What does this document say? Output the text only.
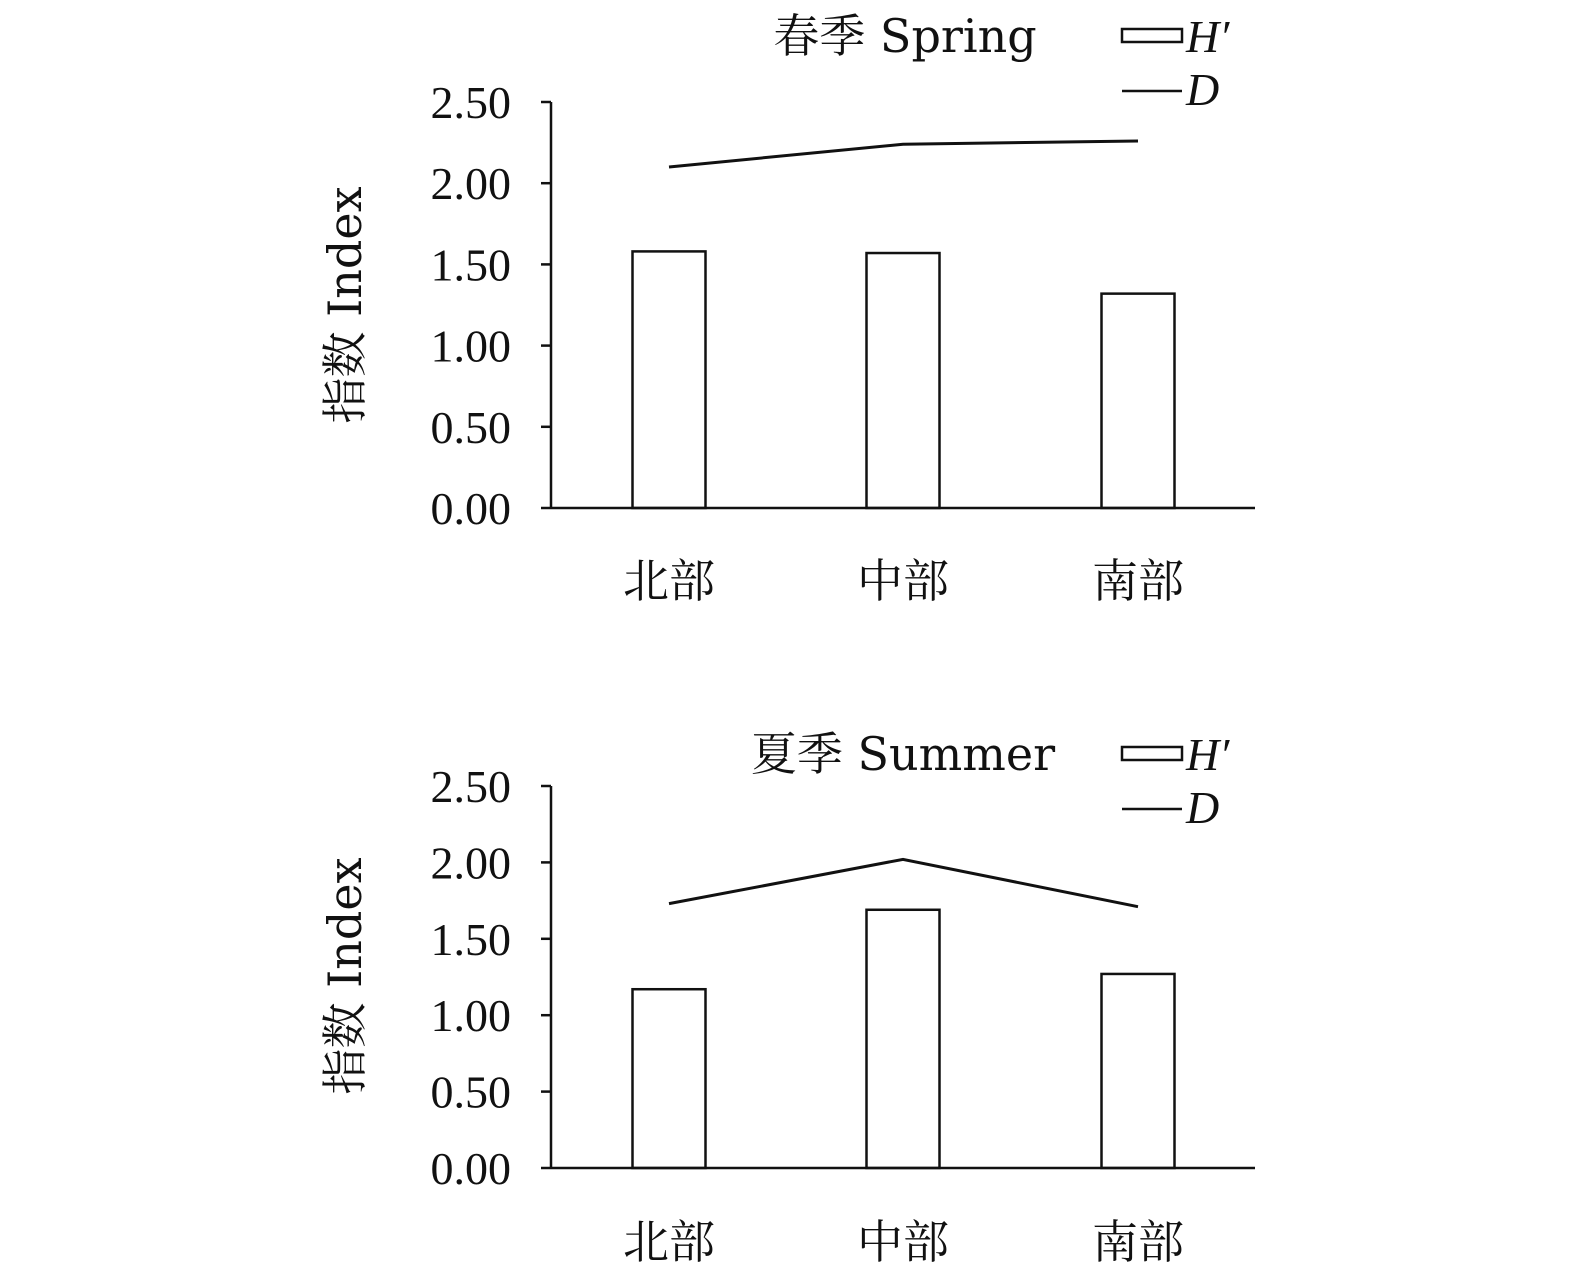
春季 Spring	H′
D
指数 Index
0.00
0.50
1.00
1.50
2.00
2.50
北部	中部	南部
夏季 Summer	H′
D
指数 Index
0.00
0.50
1.00
1.50
2.00
2.50
北部	中部	南部
